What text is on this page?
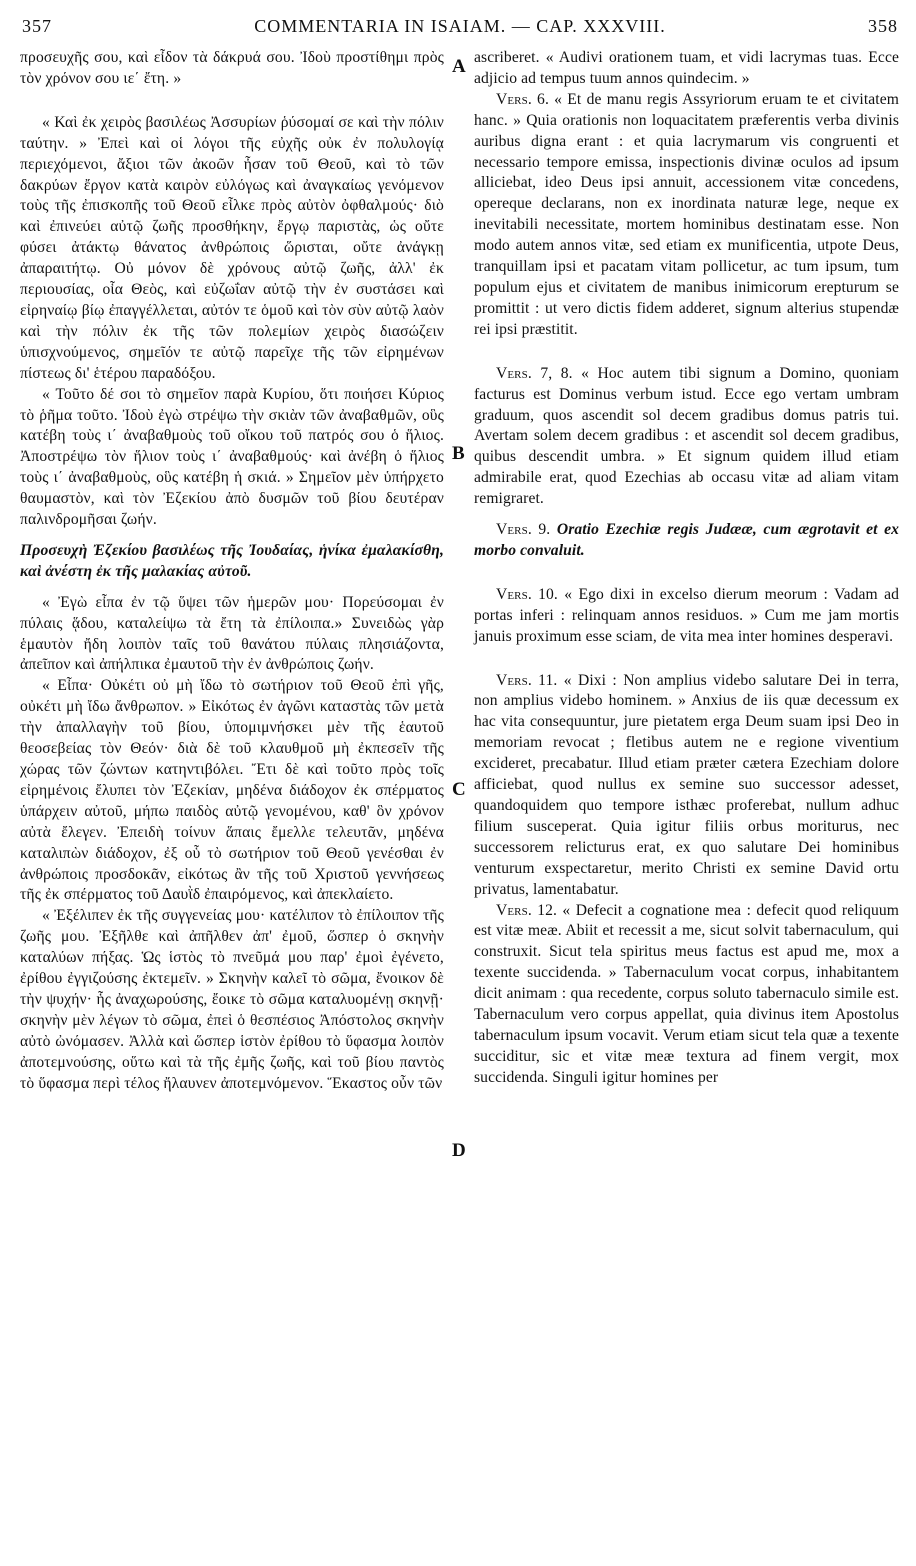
357	COMMENTARIA IN ISAIAM. — CAP. XXXVIII.	358
A
B
C
D

προσευχῆς σου, καὶ εἶδον τὰ δάκρυά σου. Ἰδοὺ προστίθημι πρὸς τὸν χρόνον σου ιε΄ ἔτη. »

« Καὶ ἐκ χειρὸς βασιλέως Ἀσσυρίων ῥύσομαί σε καὶ τὴν πόλιν ταύτην. » Ἐπεὶ καὶ οἱ λόγοι τῆς εὐχῆς οὐκ ἐν πολυλογίᾳ περιεχόμενοι, ἄξιοι τῶν ἀκοῶν ἦσαν τοῦ Θεοῦ, καὶ τὸ τῶν δακρύων ἔργον κατὰ καιρὸν εὐλόγως καὶ ἀναγκαίως γενόμενον τοὺς τῆς ἐπισκοπῆς τοῦ Θεοῦ εἷλκε πρὸς αὐτὸν ὀφθαλμούς· διὸ καὶ ἐπινεύει αὐτῷ ζωῆς προσθήκην, ἔργῳ παριστὰς, ὡς οὔτε φύσει ἀτάκτῳ θάνατος ἀνθρώποις ὥρισται, οὔτε ἀνάγκῃ ἀπαραιτήτῳ. Οὐ μόνον δὲ χρόνους αὐτῷ ζωῆς, ἀλλ' ἐκ περιουσίας, οἷα Θεὸς, καὶ εὐζωΐαν αὐτῷ τὴν ἐν συστάσει καὶ εἰρηναίῳ βίῳ ἐπαγγέλλεται, αὐτόν τε ὁμοῦ καὶ τὸν σὺν αὐτῷ λαὸν καὶ τὴν πόλιν ἐκ τῆς τῶν πολεμίων χειρὸς διασώζειν ὑπισχνούμενος, σημεῖόν τε αὐτῷ παρεῖχε τῆς τῶν εἰρημένων πίστεως δι' ἑτέρου παραδόξου.

« Τοῦτο δέ σοι τὸ σημεῖον παρὰ Κυρίου, ὅτι ποιήσει Κύριος τὸ ῥῆμα τοῦτο. Ἰδοὺ ἐγὼ στρέψω τὴν σκιὰν τῶν ἀναβαθμῶν, οὓς κατέβη τοὺς ι΄ ἀναβαθμοὺς τοῦ οἴκου τοῦ πατρός σου ὁ ἥλιος. Ἀποστρέψω τὸν ἥλιον τοὺς ι΄ ἀναβαθμούς· καὶ ἀνέβη ὁ ἥλιος τοὺς ι΄ ἀναβαθμοὺς, οὓς κατέβη ἡ σκιά. » Σημεῖον μὲν ὑπήρχετο θαυμαστὸν, καὶ τὸν Ἐζεκίου ἀπὸ δυσμῶν τοῦ βίου δευτέραν παλινδρομῆσαι ζωήν.

Προσευχὴ Ἐζεκίου βασιλέως τῆς Ἰουδαίας, ἡνίκα ἐμαλακίσθη, καὶ ἀνέστη ἐκ τῆς μαλακίας αὐτοῦ.

« Ἐγὼ εἶπα ἐν τῷ ὕψει τῶν ἡμερῶν μου· Πορεύσομαι ἐν πύλαις ᾅδου, καταλείψω τὰ ἔτη τὰ ἐπίλοιπα.» Συνειδὼς γὰρ ἑμαυτὸν ἤδη λοιπὸν ταῖς τοῦ θανάτου πύλαις πλησιάζοντα, ἀπεῖπον καὶ ἀπήλπικα ἐμαυτοῦ τὴν ἐν ἀνθρώποις ζωήν.

« Εἶπα· Οὐκέτι οὐ μὴ ἴδω τὸ σωτήριον τοῦ Θεοῦ ἐπὶ γῆς, οὐκέτι μὴ ἴδω ἄνθρωπον. » Εἰκότως ἐν ἀγῶνι καταστὰς τῶν μετὰ τὴν ἀπαλλαγὴν τοῦ βίου, ὑπομιμνήσκει μὲν τῆς ἑαυτοῦ θεοσεβείας τὸν Θεόν· διὰ δὲ τοῦ κλαυθμοῦ μὴ ἐκπεσεῖν τῆς χώρας τῶν ζώντων κατηντιβόλει. Ἔτι δὲ καὶ τοῦτο πρὸς τοῖς εἰρημένοις ἔλυπει τὸν Ἐζεκίαν, μηδένα διάδοχον ἐκ σπέρματος ὑπάρχειν αὐτοῦ, μήπω παιδὸς αὐτῷ γενομένου, καθ' ὃν χρόνον αὐτὰ ἔλεγεν. Ἐπειδὴ τοίνυν ἅπαις ἔμελλε τελευτᾶν, μηδένα καταλιπὼν διάδοχον, ἐξ οὗ τὸ σωτήριον τοῦ Θεοῦ γενέσθαι ἐν ἀνθρώποις προσδοκᾶν, εἰκότως ἂν τῆς τοῦ Χριστοῦ γεννήσεως τῆς ἐκ σπέρματος τοῦ Δαυῒδ ἐπαιρόμενος, καὶ ἀπεκλαίετο.

« Ἐξέλιπεν ἐκ τῆς συγγενείας μου· κατέλιπον τὸ ἐπίλοιπον τῆς ζωῆς μου. Ἐξῆλθε καὶ ἀπῆλθεν ἀπ' ἐμοῦ, ὥσπερ ὁ σκηνὴν καταλύων πήξας. Ὡς ἱστὸς τὸ πνεῦμά μου παρ' ἐμοὶ ἐγένετο, ἐρίθου ἐγγιζούσης ἐκτεμεῖν. » Σκηνὴν καλεῖ τὸ σῶμα, ἔνοικον δὲ τὴν ψυχήν· ἧς ἀναχωρούσης, ἔοικε τὸ σῶμα καταλυομένῃ σκηνῇ· σκηνὴν μὲν λέγων τὸ σῶμα, ἐπεὶ ὁ θεσπέσιος Ἀπόστολος σκηνὴν αὐτὸ ὠνόμασεν. Ἀλλὰ καὶ ὥσπερ ἱστὸν ἐρίθου τὸ ὕφασμα λοιπὸν ἀποτεμνούσης, οὕτω καὶ τὰ τῆς ἐμῆς ζωῆς, καὶ τοῦ βίου παντὸς τὸ ὕφασμα περὶ τέλος ἤλαυνεν ἀποτεμνόμενον. Ἕκαστος οὖν τῶν

ascriberet. « Audivi orationem tuam, et vidi lacrymas tuas. Ecce adjicio ad tempus tuum annos quindecim. »

Vers. 6. « Et de manu regis Assyriorum eruam te et civitatem hanc. » Quia orationis non loquacitatem præferentis verba divinis auribus digna erant : et quia lacrymarum vis congruenti et necessario tempore emissa, inspectionis divinæ oculos ad ipsum alliciebat, ideo Deus ipsi annuit, accessionem vitæ concedens, opereque declarans, non ex inordinata naturæ lege, neque ex inevitabili necessitate, mortem hominibus destinatam esse. Non modo autem annos vitæ, sed etiam ex munificentia, utpote Deus, tranquillam ipsi et pacatam vitam pollicetur, ac tum ipsum, tum populum ejus et civitatem de manibus inimicorum erepturum se promittit : ut vero dictis fidem adderet, signum alterius stupendæ rei ipsi præstitit.

Vers. 7, 8. « Hoc autem tibi signum a Domino, quoniam facturus est Dominus verbum istud. Ecce ego vertam umbram graduum, quos ascendit sol decem gradibus domus patris tui. Avertam solem decem gradibus : et ascendit sol decem gradibus, quibus descendit umbra. » Et signum quidem illud etiam admirabile erat, quod Ezechias ab occasu vitæ ad aliam vitam remigraret.

Vers. 9. Oratio Ezechiæ regis Judææ, cum ægrotavit et ex morbo convaluit.

Vers. 10. « Ego dixi in excelso dierum meorum : Vadam ad portas inferi : relinquam annos residuos. » Cum me jam mortis januis proximum esse sciam, de vita mea inter homines desperavi.

Vers. 11. « Dixi : Non amplius videbo salutare Dei in terra, non amplius videbo hominem. » Anxius de iis quæ decessum ex hac vita consequuntur, jure pietatem erga Deum suam ipsi Deo in memoriam revocat ; fletibus autem ne e regione viventium excideret, precabatur. Illud etiam præter cætera Ezechiam dolore afficiebat, quod nullus ex semine suo successor adesset, quandoquidem quo tempore isthæc proferebat, nullum adhuc filium susceperat. Quia igitur filiis orbus moriturus, nec successorem relicturus erat, ex quo salutare Dei hominibus venturum exspectaretur, merito Christi ex semine David ortu privatus, lamentabatur.

Vers. 12. « Defecit a cognatione mea : defecit quod reliquum est vitæ meæ. Abiit et recessit a me, sicut solvit tabernaculum, qui construxit. Sicut tela spiritus meus factus est apud me, mox a texente succidenda. » Tabernaculum vocat corpus, inhabitantem dicit animam : qua recedente, corpus soluto tabernaculo simile est. Tabernaculum vero corpus appellat, quia divinus item Apostolus tabernaculum ipsum vocavit. Verum etiam sicut tela quæ a texente succiditur, sic et vitæ meæ textura ad finem vergit, mox succidenda. Singuli igitur homines per
